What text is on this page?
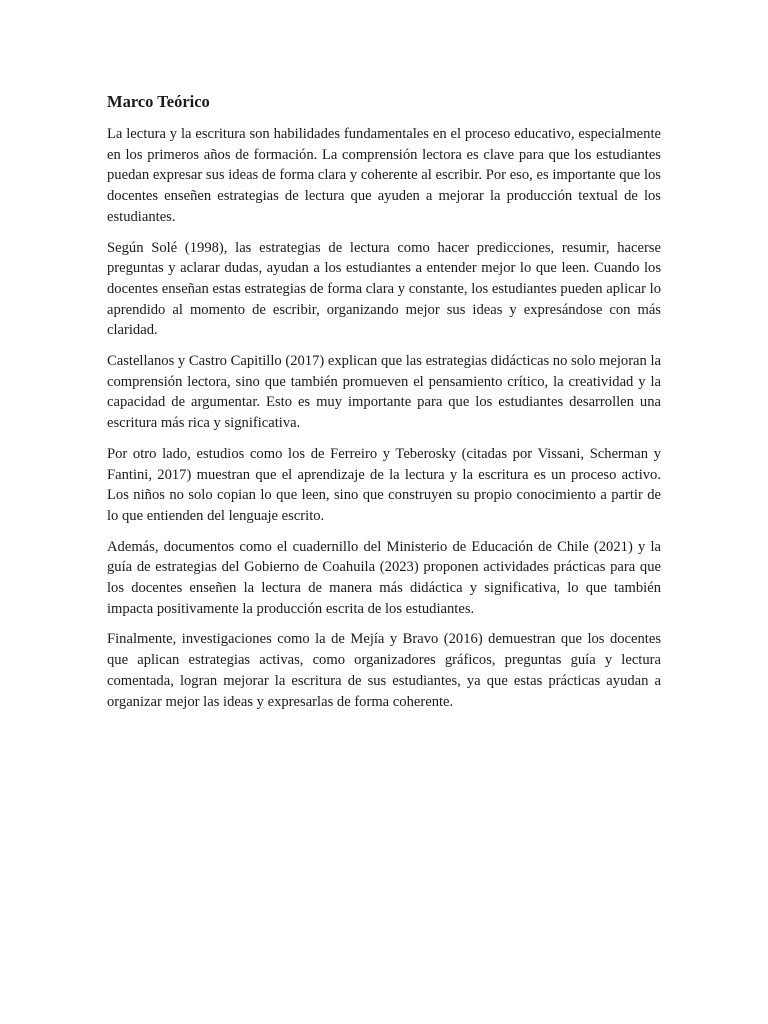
Marco Teórico

La lectura y la escritura son habilidades fundamentales en el proceso educativo, especialmente en los primeros años de formación. La comprensión lectora es clave para que los estudiantes puedan expresar sus ideas de forma clara y coherente al escribir. Por eso, es importante que los docentes enseñen estrategias de lectura que ayuden a mejorar la producción textual de los estudiantes.

Según Solé (1998), las estrategias de lectura como hacer predicciones, resumir, hacerse preguntas y aclarar dudas, ayudan a los estudiantes a entender mejor lo que leen. Cuando los docentes enseñan estas estrategias de forma clara y constante, los estudiantes pueden aplicar lo aprendido al momento de escribir, organizando mejor sus ideas y expresándose con más claridad.

Castellanos y Castro Capitillo (2017) explican que las estrategias didácticas no solo mejoran la comprensión lectora, sino que también promueven el pensamiento crítico, la creatividad y la capacidad de argumentar. Esto es muy importante para que los estudiantes desarrollen una escritura más rica y significativa.

Por otro lado, estudios como los de Ferreiro y Teberosky (citadas por Vissani, Scherman y Fantini, 2017) muestran que el aprendizaje de la lectura y la escritura es un proceso activo. Los niños no solo copian lo que leen, sino que construyen su propio conocimiento a partir de lo que entienden del lenguaje escrito.

Además, documentos como el cuadernillo del Ministerio de Educación de Chile (2021) y la guía de estrategias del Gobierno de Coahuila (2023) proponen actividades prácticas para que los docentes enseñen la lectura de manera más didáctica y significativa, lo que también impacta positivamente la producción escrita de los estudiantes.

Finalmente, investigaciones como la de Mejía y Bravo (2016) demuestran que los docentes que aplican estrategias activas, como organizadores gráficos, preguntas guía y lectura comentada, logran mejorar la escritura de sus estudiantes, ya que estas prácticas ayudan a organizar mejor las ideas y expresarlas de forma coherente.
